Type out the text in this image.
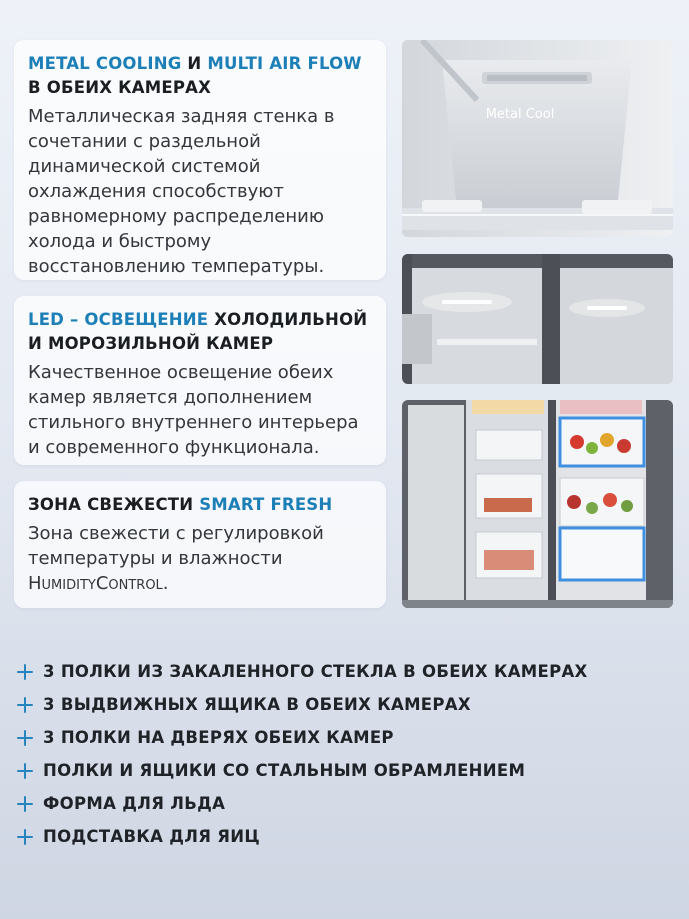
METAL COOLING И MULTI AIR FLOW
В ОБЕИХ КАМЕРАХ
Металлическая задняя стенка в сочетании с раздельной динамической системой охлаждения способствуют равномерному распределению холода и быстрому восстановлению температуры.
LED – ОСВЕЩЕНИЕ ХОЛОДИЛЬНОЙ И МОРОЗИЛЬНОЙ КАМЕР
Качественное освещение обеих камер является дополнением стильного внутреннего интерьера и современного функционала.
ЗОНА СВЕЖЕСТИ SMART FRESH
Зона свежести с регулировкой температуры и влажности HumidityControl.
Metal Cool
3 ПОЛКИ ИЗ ЗАКАЛЕННОГО СТЕКЛА В ОБЕИХ КАМЕРАХ
3 ВЫДВИЖНЫХ ЯЩИКА В ОБЕИХ КАМЕРАХ
3 ПОЛКИ НА ДВЕРЯХ ОБЕИХ КАМЕР
ПОЛКИ И ЯЩИКИ СО СТАЛЬНЫМ ОБРАМЛЕНИЕМ
ФОРМА ДЛЯ ЛЬДА
ПОДСТАВКА ДЛЯ ЯИЦ
